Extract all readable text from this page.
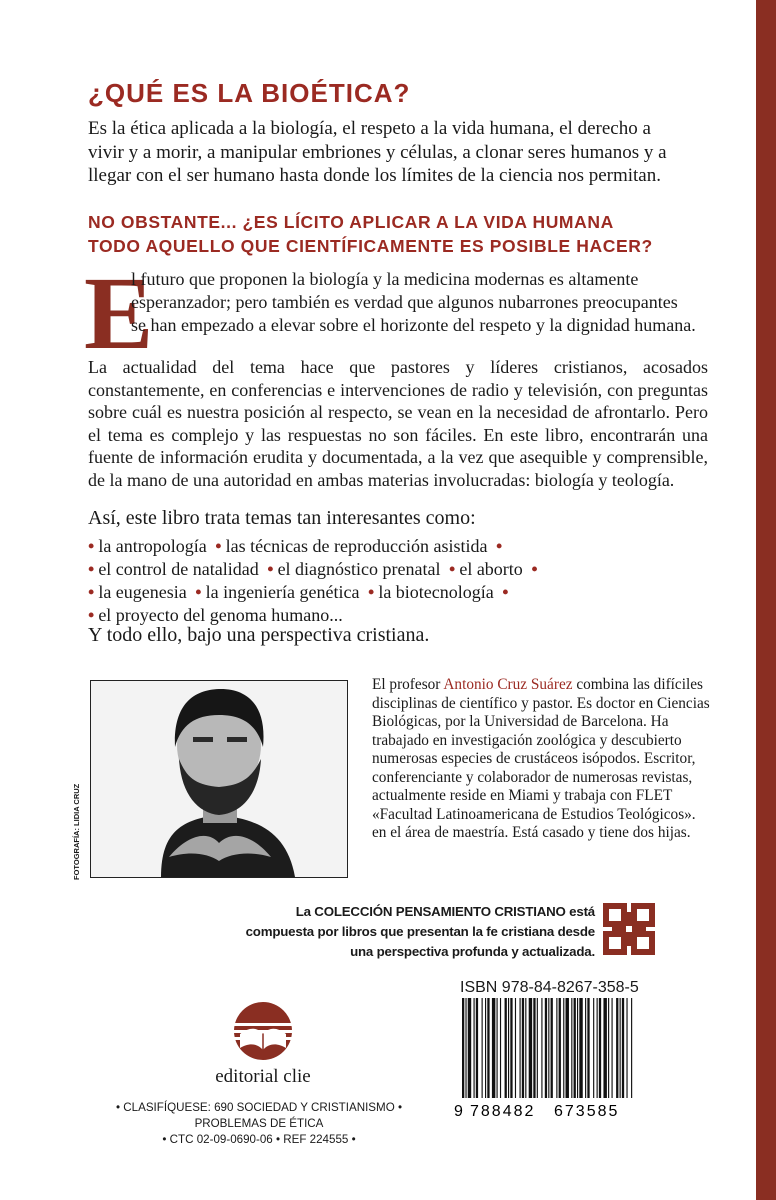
¿QUÉ ES LA BIOÉTICA?

Es la ética aplicada a la biología, el respeto a la vida humana, el derecho a vivir y a morir, a manipular embriones y células, a clonar seres humanos y a llegar con el ser humano hasta donde los límites de la ciencia nos permitan.

NO OBSTANTE... ¿ES LÍCITO APLICAR A LA VIDA HUMANA
TODO AQUELLO QUE CIENTÍFICAMENTE ES POSIBLE HACER?
E

l futuro que proponen la biología y la medicina modernas es altamente esperanzador; pero también es verdad que algunos nubarrones preocupantes se han empezado a elevar sobre el horizonte del respeto y la dignidad humana.

La actualidad del tema hace que pastores y líderes cristianos, acosados constantemente, en conferencias e intervenciones de radio y televisión, con preguntas sobre cuál es nuestra posición al respecto, se vean en la necesidad de afrontarlo. Pero el tema es complejo y las respuestas no son fáciles. En este libro, encontrarán una fuente de información erudita y documentada, a la vez que asequible y comprensible, de la mano de una autoridad en ambas materias involucradas: biología y teología.

Así, este libro trata temas tan interesantes como:

• la antropología • las técnicas de reproducción asistida •
• el control de natalidad • el diagnóstico prenatal • el aborto •
• la eugenesia • la ingeniería genética • la biotecnología •
• el proyecto del genoma humano...

Y todo ello, bajo una perspectiva cristiana.

FOTOGRAFÍA: LIDIA CRUZ

El profesor Antonio Cruz Suárez combina las difíciles disciplinas de científico y pastor. Es doctor en Ciencias Biológicas, por la Universidad de Barcelona. Ha trabajado en investigación zoológica y descubierto numerosas especies de crustáceos isópodos. Escritor, conferenciante y colaborador de numerosas revistas, actualmente reside en Miami y trabaja con FLET «Facultad Latinoamericana de Estudios Teológicos». en el área de maestría. Está casado y tiene dos hijas.

La COLECCIÓN PENSAMIENTO CRISTIANO está compuesta por libros que presentan la fe cristiana desde una perspectiva profunda y actualizada.
ISBN 978-84-8267-358-5
9 788482 673585

editorial clie

• CLASIFÍQUESE: 690 SOCIEDAD Y CRISTIANISMO •
PROBLEMAS DE ÉTICA
• CTC 02-09-0690-06 • REF 224555 •
